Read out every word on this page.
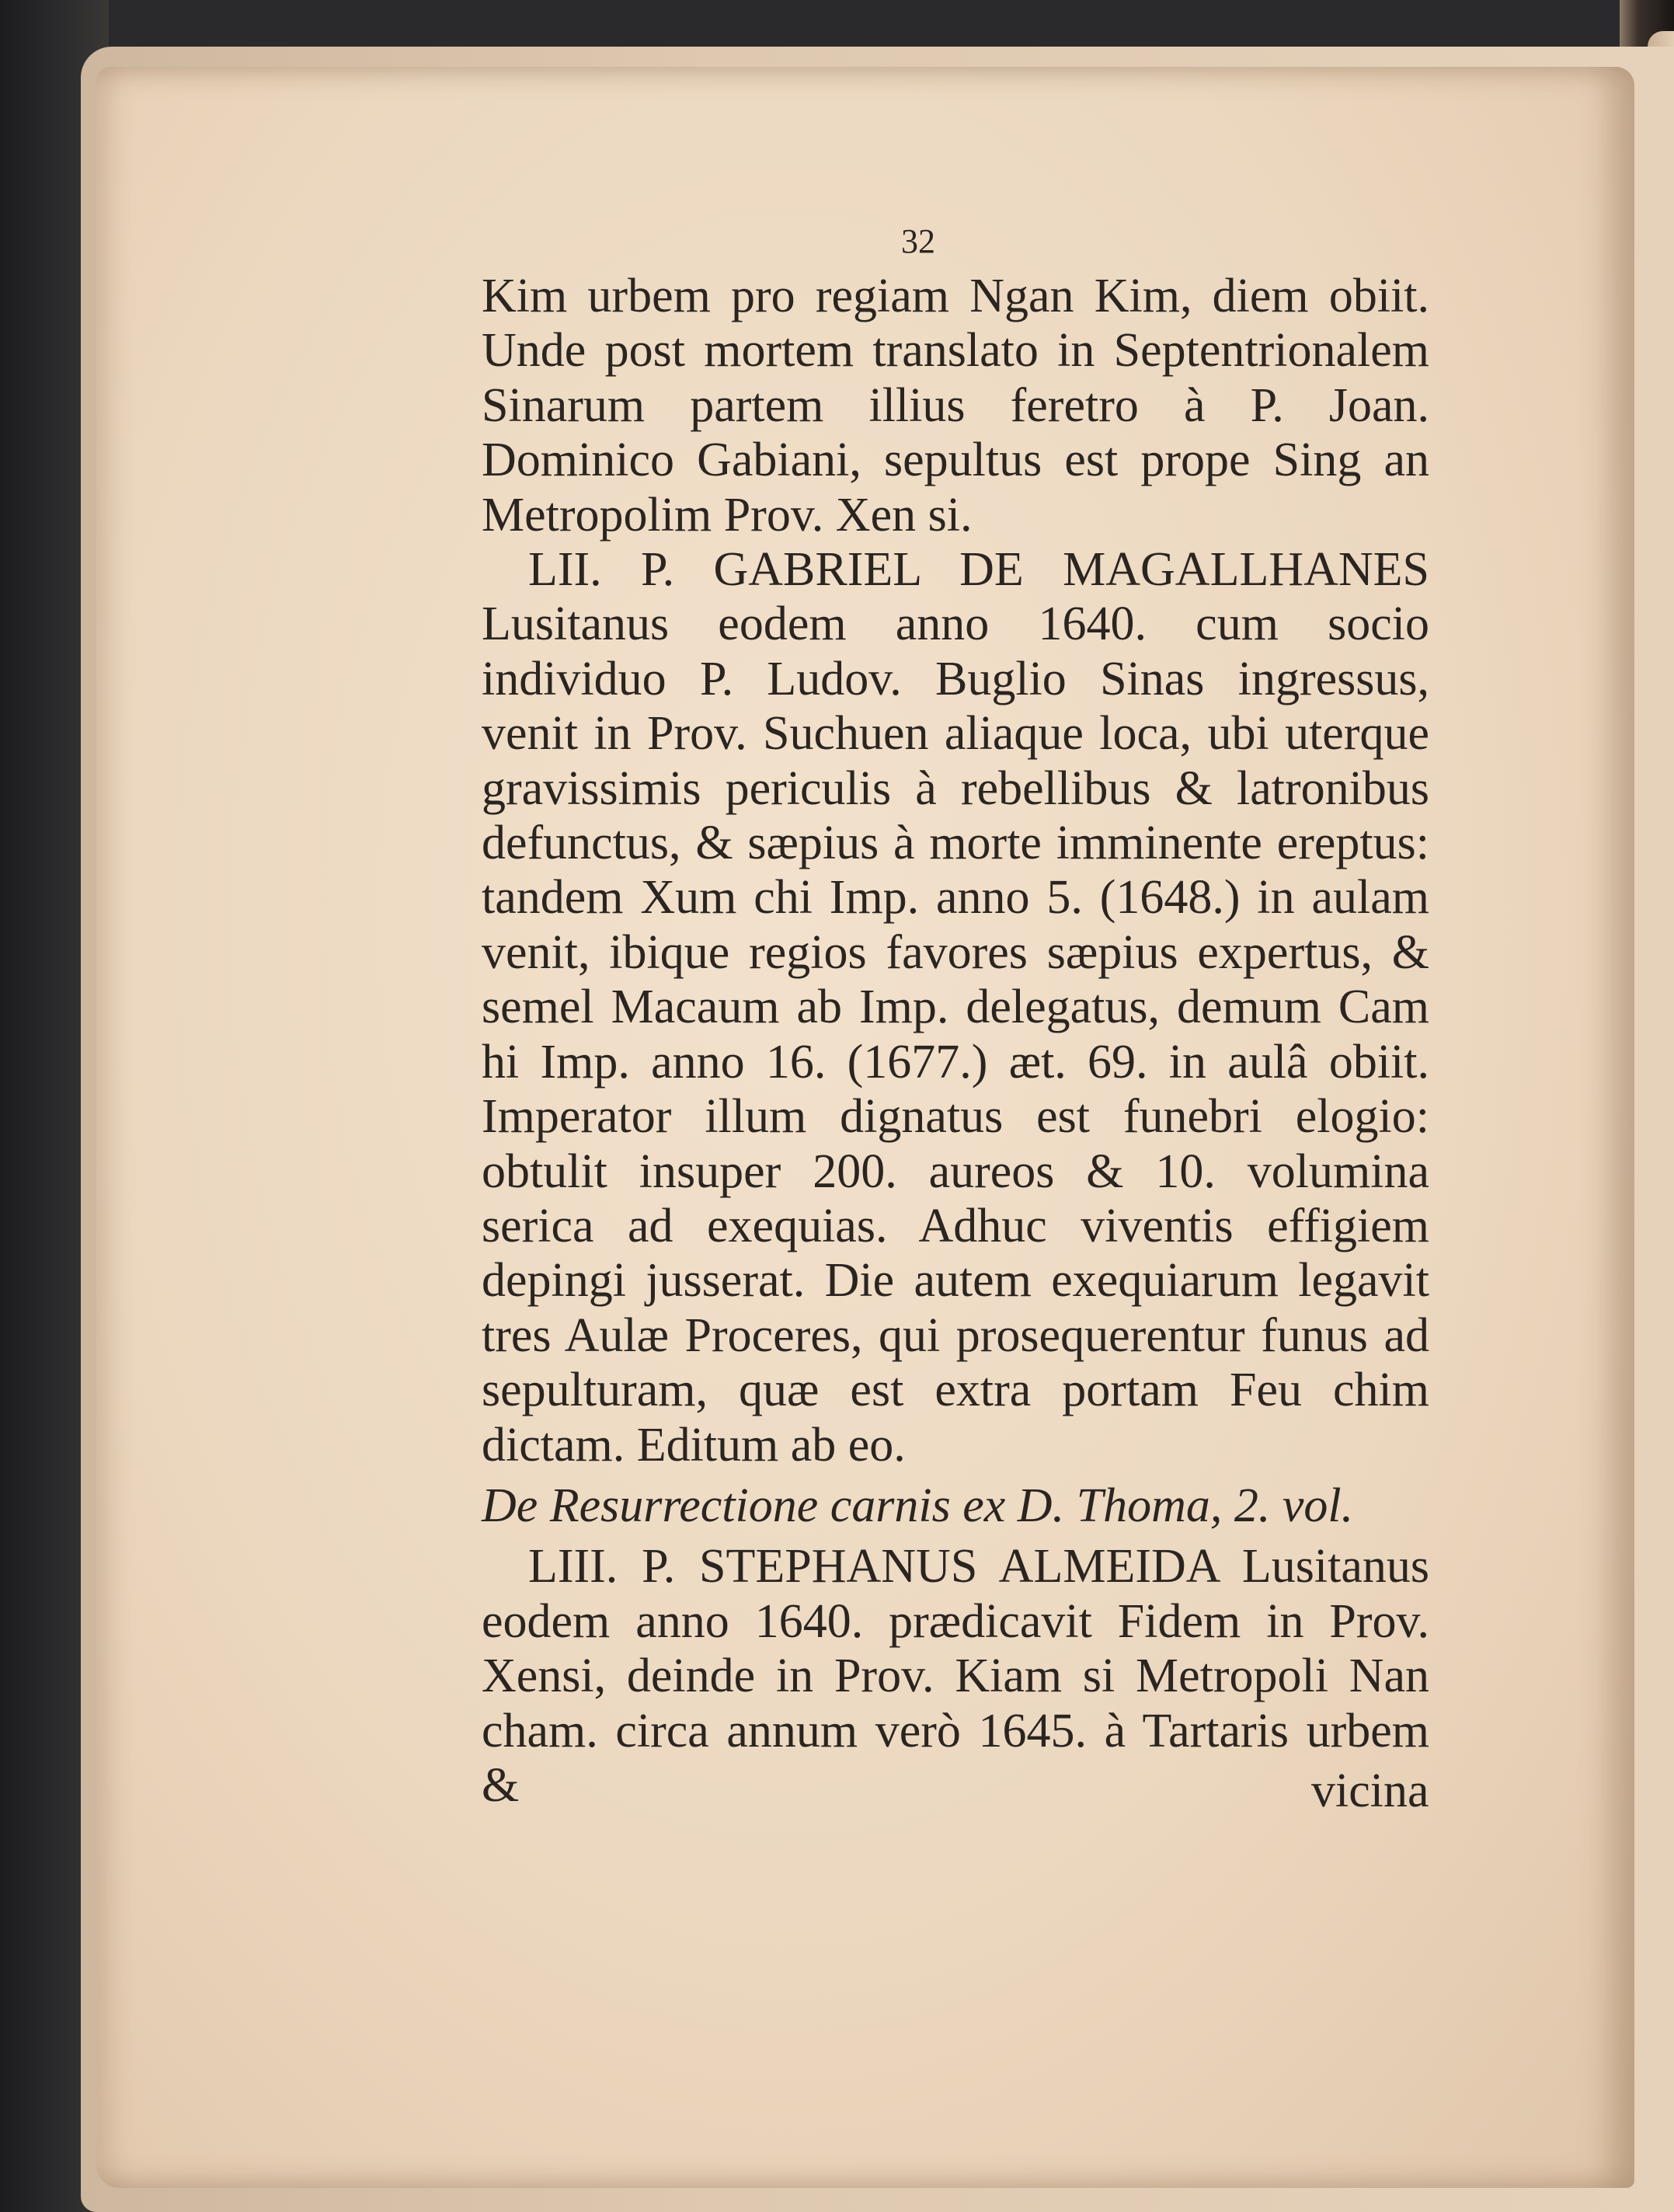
32

Kim urbem pro regiam Ngan Kim, diem obiit. Unde post mortem translato in Septentrionalem Sinarum partem illius feretro à P. Joan. Dominico Gabiani, sepultus est prope Sing an Metropolim Prov. Xen si.

LII. P. GABRIEL DE MAGALLHANES Lusitanus eodem anno 1640. cum socio individuo P. Ludov. Buglio Sinas ingressus, venit in Prov. Suchuen aliaque loca, ubi uterque gravissimis periculis à rebellibus & latronibus defunctus, & sæpius à morte imminente ereptus: tandem Xum chi Imp. anno 5. (1648.) in aulam venit, ibique regios favores sæpius expertus, & semel Macaum ab Imp. delegatus, demum Cam hi Imp. anno 16. (1677.) æt. 69. in aulâ obiit. Imperator illum dignatus est funebri elogio: obtulit insuper 200. aureos & 10. volumina serica ad exequias. Adhuc viventis effigiem depingi jusserat. Die autem exequiarum legavit tres Aulæ Proceres, qui prosequerentur funus ad sepulturam, quæ est extra portam Feu chim dictam. Editum ab eo.

De Resurrectione carnis ex D. Thoma, 2. vol.

LIII. P. STEPHANUS ALMEIDA Lusitanus eodem anno 1640. prædicavit Fidem in Prov. Xensi, deinde in Prov. Kiam si Metropoli Nan cham. circa annum verò 1645. à Tartaris urbem &	vicina
